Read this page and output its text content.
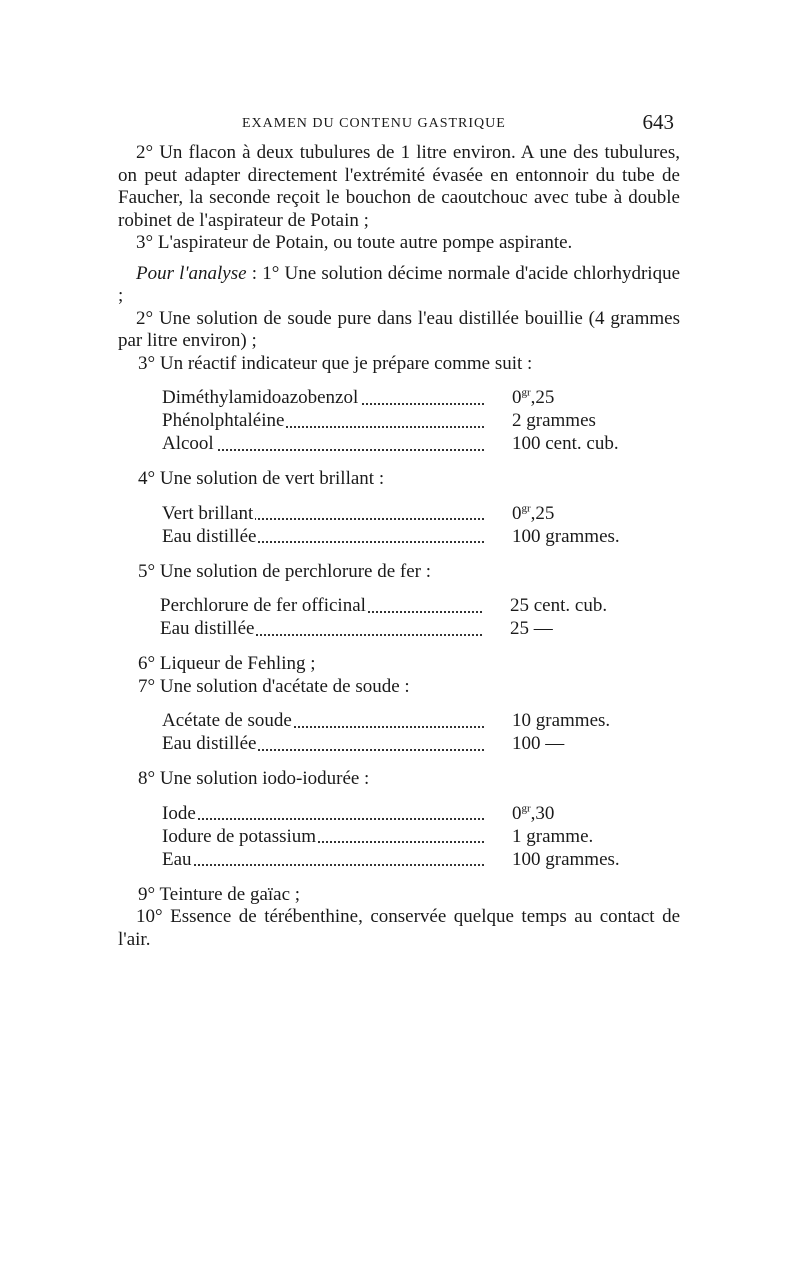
EXAMEN DU CONTENU GASTRIQUE	643

2° Un flacon à deux tubulures de 1 litre environ. A une des tubulures, on peut adapter directement l'extrémité évasée en entonnoir du tube de Faucher, la seconde reçoit le bouchon de caoutchouc avec tube à double robinet de l'aspirateur de Potain ;

3° L'aspirateur de Potain, ou toute autre pompe aspirante.

Pour l'analyse : 1° Une solution décime normale d'acide chlorhydrique ;

2° Une solution de soude pure dans l'eau distillée bouillie (4 grammes par litre environ) ;

3° Un réactif indicateur que je prépare comme suit :

Diméthylamidoazobenzol	$0^{gr},25$
Phénolphtaléine	2 grammes
Alcool	100 cent. cub.

4° Une solution de vert brillant :

Vert brillant	$0^{gr},25$
Eau distillée	100 grammes.

5° Une solution de perchlorure de fer :

Perchlorure de fer officinal	25 cent. cub.
Eau distillée	25 —

6° Liqueur de Fehling ;

7° Une solution d'acétate de soude :

Acétate de soude	10 grammes.
Eau distillée	100 —

8° Une solution iodo-iodurée :

Iode	$0^{gr},30$
Iodure de potassium	1 gramme.
Eau	100 grammes.

9° Teinture de gaïac ;

10° Essence de térébenthine, conservée quelque temps au contact de l'air.
